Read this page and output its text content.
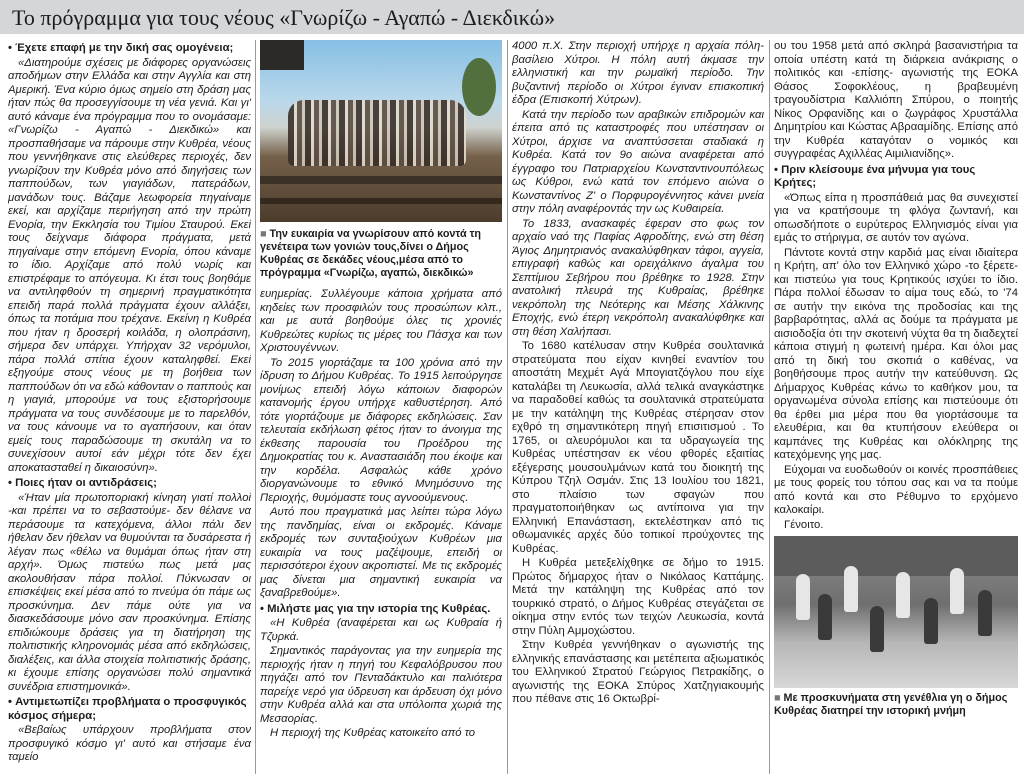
Το πρόγραμμα για τους νέους «Γνωρίζω - Αγαπώ - Διεκδικώ»
• Έχετε επαφή με την δική σας ομογένεια;

«Διατηρούμε σχέσεις με διάφορες οργανώσεις αποδήμων στην Ελλάδα και στην Αγγλία και στη Αμερική. Ένα κύριο όμως σημείο στη δράση μας ήταν πώς θα προσεγγίσουμε τη νέα γενιά. Και γι' αυτό κάναμε ένα πρόγραμμα που το ονομάσαμε: «Γνωρίζω - Αγαπώ - Διεκδικώ» και προσπαθήσαμε να πάρουμε στην Κυθρέα, νέους που γεννήθηκανε στις ελεύθερες περιοχές, δεν γνωρίζουν την Κυθρέα μόνο από διηγήσεις των παππούδων, των γιαγιάδων, πατεράδων, μανάδων τους. Βάζαμε λεωφορεία πηγαίναμε εκεί, και αρχίζαμε περιήγηση από την πρώτη Ενορία, την Εκκλησία του Τιμίου Σταυρού. Εκεί τους δείχναμε διάφορα πράγματα, μετά πηγαίναμε στην επόμενη Ενορία, όπου κάναμε το ίδιο. Αρχίζαμε από πολύ νωρίς και επιστρέφαμε το απόγευμα. Κι έτσι τους βοηθάμε να αντιληφθούν τη σημερινή πραγματικότητα επειδή παρά πολλά πράγματα έχουν αλλάξει, όπως τα ποτάμια που τρέχανε. Εκείνη η Κυθρέα που ήταν η δροσερή κοιλάδα, η ολοπράσινη, σήμερα δεν υπάρχει. Υπήρχαν 32 νερόμυλοι, πάρα πολλά σπίτια έχουν καταληφθεί. Εκεί εξηγούμε στους νέους με τη βοήθεια των παππούδων ότι να εδώ κάθονταν ο παππούς και η γιαγιά, μπορούμε να τους εξιστορήσουμε πράγματα να τους συνδέσουμε με το παρελθόν, να τους κάνουμε να το αγαπήσουν, και όταν εμείς τους παραδώσουμε τη σκυτάλη να το συνεχίσουν αυτοί εάν μέχρι τότε δεν έχει αποκατασταθεί η δικαιοσύνη».

• Ποιες ήταν οι αντιδράσεις;

«Ήταν μία πρωτοποριακή κίνηση γιατί πολλοί -και πρέπει να το σεβαστούμε- δεν θέλανε να περάσουμε τα κατεχόμενα, άλλοι πάλι δεν ήθελαν δεν ήθελαν να θυμούνται τα δυσάρεστα ή λέγαν πως «θέλω να θυμάμαι όπως ήταν στη αρχή». Όμως πιστεύω πως μετά μας ακολουθήσαν πάρα πολλοί. Πύκνωσαν οι επισκέψεις εκεί μέσα από το πνεύμα ότι πάμε ως προσκύνημα. Δεν πάμε ούτε για να διασκεδάσουμε μόνο σαν προσκύνημα. Επίσης επιδιώκουμε δράσεις για τη διατήρηση της πολιτιστικής κληρονομιάς μέσα από εκδηλώσεις, διαλέξεις, και άλλα στοιχεία πολιτιστικής δράσης, κι έχουμε επίσης οργανώσει πολύ σημαντικά συνέδρια επιστημονικά».

• Αντιμετωπίζει προβλήματα ο προσφυγικός κόσμος σήμερα;

«Βεβαίως υπάρχουν προβλήματα στον προσφυγικό κόσμο γι' αυτό και στήσαμε ένα ταμείο

■ Την ευκαιρία να γνωρίσουν από κοντά τη γενέτειρα των γονιών τους,δίνει ο Δήμος Κυθρέας σε δεκάδες νέους,μέσα από το πρόγραμμα «Γνωρίζω, αγαπώ, διεκδικώ»

ευημερίας. Συλλέγουμε κάποια χρήματα από κηδείες των προσφιλών τους προσώπων κλπ., και με αυτά βοηθούμε όλες τις χρονιές Κυθρεώτες κυρίως τις μέρες του Πάσχα και των Χριστουγέννων.

Το 2015 γιορτάζαμε τα 100 χρόνια από την ίδρυση το Δήμου Κυθρέας. Το 1915 λειτούργησε μονίμως επειδή λόγω κάποιων διαφορών κατανομής έργου υπήρχε καθυστέρηση. Από τότε γιορτάζουμε με διάφορες εκδηλώσεις. Σαν τελευταία εκδήλωση φέτος ήταν το άνοιγμα της έκθεσης παρουσία του Προέδρου της Δημοκρατίας του κ. Αναστασιάδη που έκοψε και την κορδέλα. Ασφαλώς κάθε χρόνο διοργανώνουμε το εθνικό Μνημόσυνο της Περιοχής, θυμόμαστε τους αγνοούμενους.

Αυτό που πραγματικά μας λείπει τώρα λόγω της πανδημίας, είναι οι εκδρομές. Κάναμε εκδρομές των συνταξιούχων Κυθρέων μια ευκαιρία να τους μαζέψουμε, επειδή οι περισσότεροι έχουν ακροπιστεί. Με τις εκδρομές μας δίνεται μια σημαντική ευκαιρία να ξαναβρεθούμε».

• Μιλήστε μας για την ιστορία της Κυθρέας.

«Η Κυθρέα (αναφέρεται και ως Κυθραία ή Τζυρκά.

Σημαντικός παράγοντας για την ευημερία της περιοχής ήταν η πηγή του Κεφαλόβρυσου που πηγάζει από τον Πενταδάκτυλο και παλιότερα παρείχε νερό για ύδρευση και άρδευση όχι μόνο στην Κυθρέα αλλά και στα υπόλοιπα χωριά της Μεσαορίας.

Η περιοχή της Κυθρέας κατοικείτο από το

4000 π.Χ. Στην περιοχή υπήρχε η αρχαία πόλη-βασίλειο Χύτροι. Η πόλη αυτή άκμασε την ελληνιστική και την ρωμαϊκή περίοδο. Την βυζαντινή περίοδο οι Χύτροι έγιναν επισκοπική έδρα (Επισκοπή Χύτρων).

Κατά την περίοδο των αραβικών επιδρομών και έπειτα από τις καταστροφές που υπέστησαν οι Χύτροι, άρχισε να αναπτύσσεται σταδιακά η Κυθρέα. Κατά τον 9ο αιώνα αναφέρεται από έγγραφο του Πατριαρχείου Κωνσταντινουπόλεως ως Κύθροι, ενώ κατά τον επόμενο αιώνα ο Κωνσταντίνος Ζ' ο Πορφυρογέννητος κάνει μνεία στην πόλη αναφέροντάς την ως Κυθαιρεία.

Το 1833, ανασκαφές έφεραν στο φως τον αρχαίο ναό της Παφίας Αφροδίτης, ενώ στη θέση Άγιος Δημητριανός ανακαλύφθηκαν τάφοι, αγγεία, επιγραφή καθώς και ορειχάλκινο άγαλμα του Σεπτίμιου Σεβήρου που βρέθηκε το 1928. Στην ανατολική πλευρά της Κυθραίας, βρέθηκε νεκρόπολη της Νεότερης και Μέσης Χάλκινης Εποχής, ενώ έτερη νεκρόπολη ανακαλύφθηκε και στη θέση Χαλήπασι.

Το 1680 κατέλυσαν στην Κυθρέα σουλτανικά στρατεύματα που είχαν κινηθεί εναντίον του αποστάτη Μεχμέτ Αγά Μπογιατζόγλου που είχε καταλάβει τη Λευκωσία, αλλά τελικά αναγκάστηκε να παραδοθεί καθώς τα σουλτανικά στρατεύματα με την κατάληψη της Κυθρέας στέρησαν στον εχθρό τη σημαντικότερη πηγή επισιτισμού . Το 1765, οι αλευρόμυλοι και τα υδραγωγεία της Κυθρέας υπέστησαν εκ νέου φθορές εξαιτίας εξέγερσης μουσουλμάνων κατά του διοικητή της Κύπρου Τζηλ Οσμάν. Στις 13 Ιουλίου του 1821, στο πλαίσιο των σφαγών που πραγματοποιήθηκαν ως αντίποινα για την Ελληνική Επανάσταση, εκτελέστηκαν από τις οθωμανικές αρχές δύο τοπικοί προύχοντες της Κυθρέας.

Η Κυθρέα μετεξελίχθηκε σε δήμο το 1915. Πρώτος δήμαρχος ήταν ο Νικόλαος Καττάμης. Μετά την κατάληψη της Κυθρέας από τον τουρκικό στρατό, ο Δήμος Κυθρέας στεγάζεται σε οίκημα στην εντός των τειχών Λευκωσία, κοντά στην Πύλη Αμμοχώστου.

Στην Κυθρέα γεννήθηκαν ο αγωνιστής της ελληνικής επανάστασης και μετέπειτα αξιωματικός του Ελληνικού Στρατού Γεώργιος Πετρακίδης, ο αγωνιστής της ΕΟΚΑ Σπύρος Χατζηγιακουμής που πέθανε στις 16 Οκτωβρί-

ου του 1958 μετά από σκληρά βασανιστήρια τα οποία υπέστη κατά τη διάρκεια ανάκρισης ο πολιτικός και -επίσης- αγωνιστής της ΕΟΚΑ Θάσος Σοφοκλέους, η βραβευμένη τραγουδίστρια Καλλιόπη Σπύρου, ο ποιητής Νίκος Ορφανίδης και ο ζωγράφος Χρυστάλλα Δημητρίου και Κώστας Αβρααμίδης. Επίσης από την Κυθρέα καταγόταν ο νομικός και συγγραφέας Αχιλλέας Αιμιλιανίδης».

• Πριν κλείσουμε ένα μήνυμα για τους Κρήτες;

«Όπως είπα η προσπάθειά μας θα συνεχιστεί για να κρατήσουμε τη φλόγα ζωντανή, και οπωσδήποτε ο ευρύτερος Ελληνισμός είναι για εμάς το στήριγμα, σε αυτόν τον αγώνα.

Πάντοτε κοντά στην καρδιά μας είναι ιδιαίτερα η Κρήτη, απ' όλο τον Ελληνικό χώρο -το ξέρετε- και πιστεύω για τους Κρητικούς ισχύει το ίδιο. Πάρα πολλοί έδωσαν το αίμα τους εδώ, το '74 σε αυτήν την εικόνα της προδοσίας και της βαρβαρότητας, αλλά ας δούμε τα πράγματα με αισιοδοξία ότι την σκοτεινή νύχτα θα τη διαδεχτεί κάποια στιγμή η φωτεινή ημέρα. Και όλοι μας από τη δική του σκοπιά ο καθένας, να βοηθήσουμε προς αυτήν την κατεύθυνση. Ως Δήμαρχος Κυθρέας κάνω το καθήκον μου, τα οργανωμένα σύνολα επίσης και πιστεύουμε ότι θα έρθει μια μέρα που θα γιορτάσουμε τα ελευθέρια, και θα κτυπήσουν ελεύθερα οι καμπάνες της Κυθρέας και ολόκληρης της κατεχόμενης γης μας.

Εύχομαι να ευοδωθούν οι κοινές προσπάθειες με τους φορείς του τόπου σας και να τα πούμε από κοντά και στο Ρέθυμνο το ερχόμενο καλοκαίρι.

Γένοιτο.

■ Με προσκυνήματα στη γενέθλια γη ο δήμος Κυθρέας διατηρεί την ιστορική μνήμη
